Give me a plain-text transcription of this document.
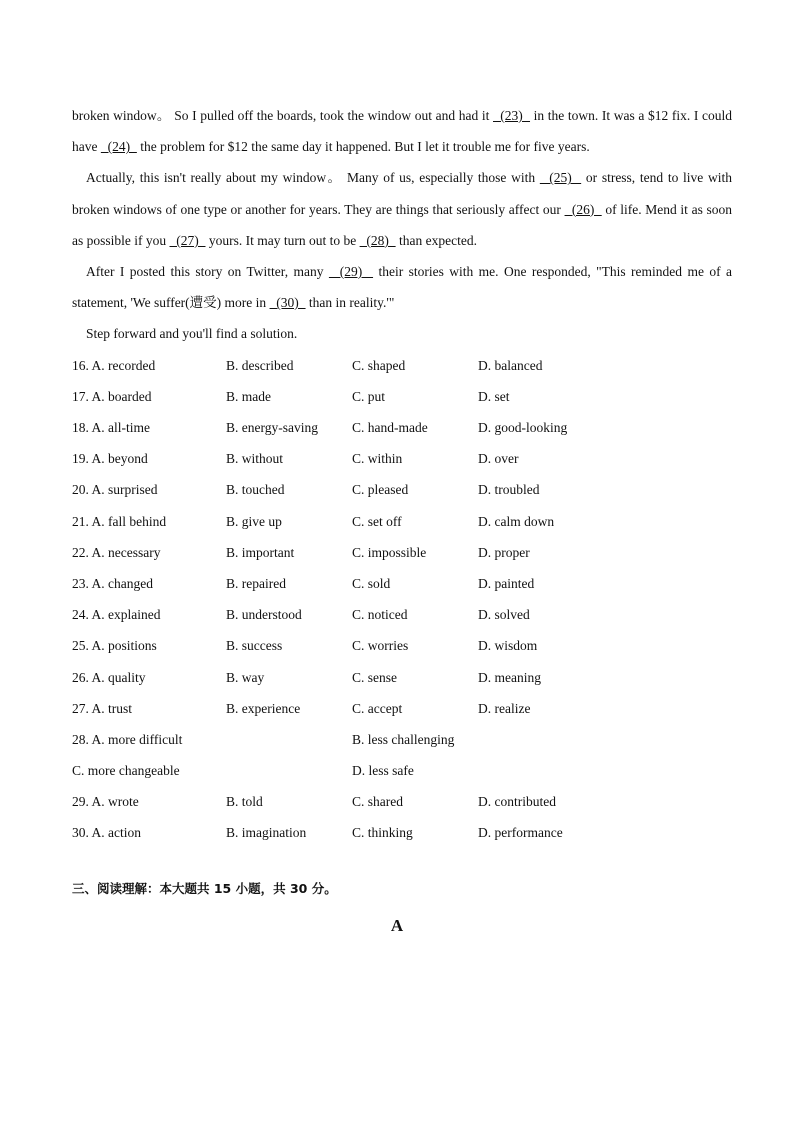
broken window。 So I pulled off the boards, took the window out and had it   (23)   in the town. It was a $12 fix. I could have   (24)   the problem for $12 the same day it happened. But I let it trouble me for five years.

Actually, this isn't really about my window。 Many of us, especially those with   (25)   or stress, tend to live with broken windows of one type or another for years. They are things that seriously affect our   (26)   of life. Mend it as soon as possible if you   (27)   yours. It may turn out to be   (28)   than expected.

After I posted this story on Twitter, many   (29)   their stories with me. One responded, "This reminded me of a statement, 'We suffer(遭受) more in   (30)   than in reality.'"

Step forward and you'll find a solution.

16. A. recorded	B. described	C. shaped	D. balanced
17. A. boarded	B. made	C. put	D. set
18. A. all-time	B. energy-saving	C. hand-made	D. good-looking
19. A. beyond	B. without	C. within	D. over
20. A. surprised	B. touched	C. pleased	D. troubled
21. A. fall behind	B. give up	C. set off	D. calm down
22. A. necessary	B. important	C. impossible	D. proper
23. A. changed	B. repaired	C. sold	D. painted
24. A. explained	B. understood	C. noticed	D. solved
25. A. positions	B. success	C. worries	D. wisdom
26. A. quality	B. way	C. sense	D. meaning
27. A. trust	B. experience	C. accept	D. realize
28. A. more difficult	B. less challenging
C. more changeable	D. less safe
29. A. wrote	B. told	C. shared	D. contributed
30. A. action	B. imagination	C. thinking	D. performance
三、阅读理解：本大题共 15 小题，共 30 分。
A
